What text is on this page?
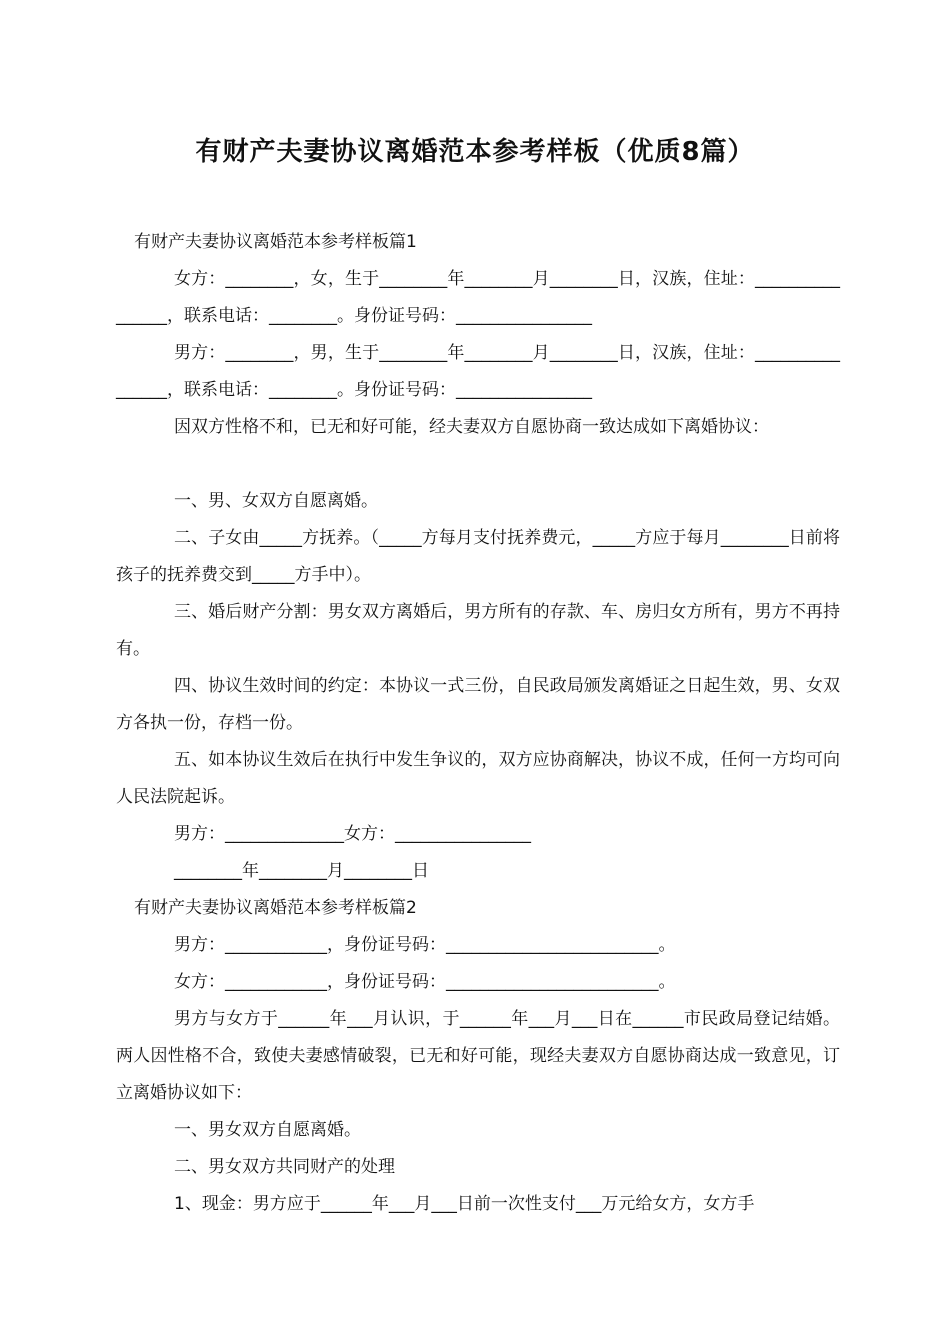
有财产夫妻协议离婚范本参考样板（优质8篇）

有财产夫妻协议离婚范本参考样板篇1

女方：________，女，生于________年________月________日，汉族，住址：________________，联系电话：________。身份证号码：________________

男方：________，男，生于________年________月________日，汉族，住址：________________，联系电话：________。身份证号码：________________

因双方性格不和，已无和好可能，经夫妻双方自愿协商一致达成如下离婚协议：

一、男、女双方自愿离婚。

二、子女由_____方抚养。（_____方每月支付抚养费元，_____方应于每月________日前将孩子的抚养费交到_____方手中）。

三、婚后财产分割：男女双方离婚后，男方所有的存款、车、房归女方所有，男方不再持有。

四、协议生效时间的约定：本协议一式三份，自民政局颁发离婚证之日起生效，男、女双方各执一份，存档一份。

五、如本协议生效后在执行中发生争议的，双方应协商解决，协议不成，任何一方均可向人民法院起诉。

男方：______________女方：________________

________年________月________日

有财产夫妻协议离婚范本参考样板篇2

男方：____________，身份证号码：_________________________。

女方：____________，身份证号码：_________________________。

男方与女方于______年___月认识，于______年___月___日在______市民政局登记结婚。两人因性格不合，致使夫妻感情破裂，已无和好可能，现经夫妻双方自愿协商达成一致意见，订立离婚协议如下：

一、男女双方自愿离婚。

二、男女双方共同财产的处理

1、现金：男方应于______年___月___日前一次性支付___万元给女方，女方手
